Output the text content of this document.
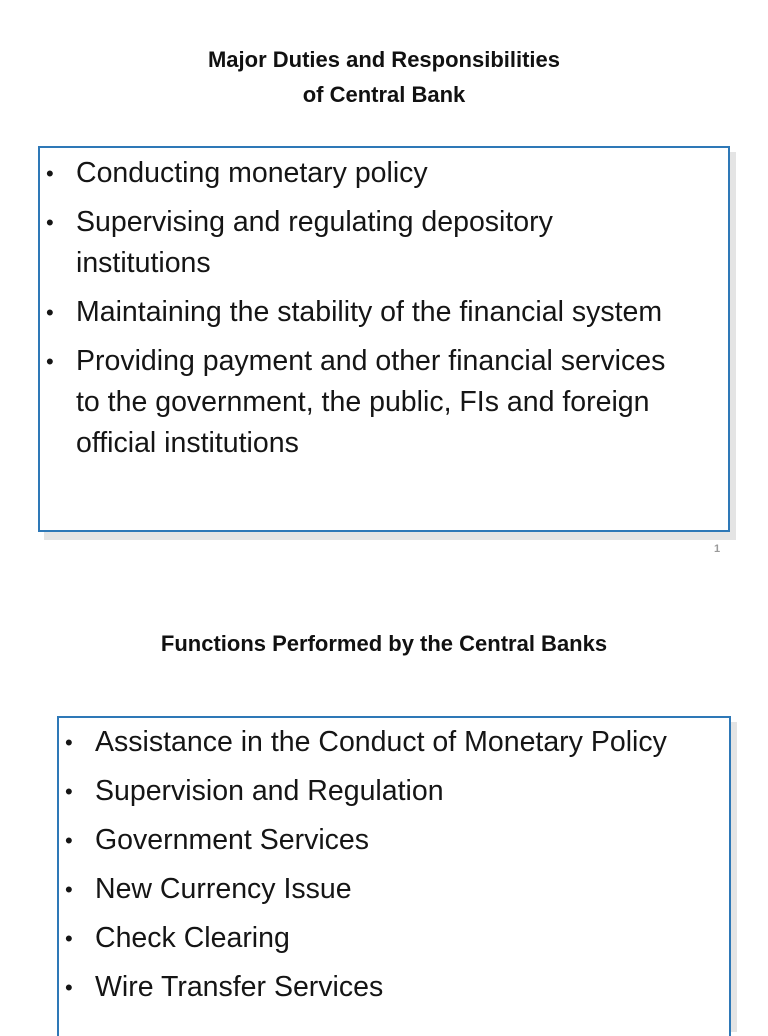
Major Duties and Responsibilities
of Central Bank
• Conducting monetary policy
• Supervising and regulating depository institutions
• Maintaining the stability of the financial system
• Providing payment and other financial services to the government, the public, FIs and foreign official institutions
1
Functions Performed by the Central Banks
• Assistance in the Conduct of Monetary Policy
• Supervision and Regulation
• Government Services
• New Currency Issue
• Check Clearing
• Wire Transfer Services
